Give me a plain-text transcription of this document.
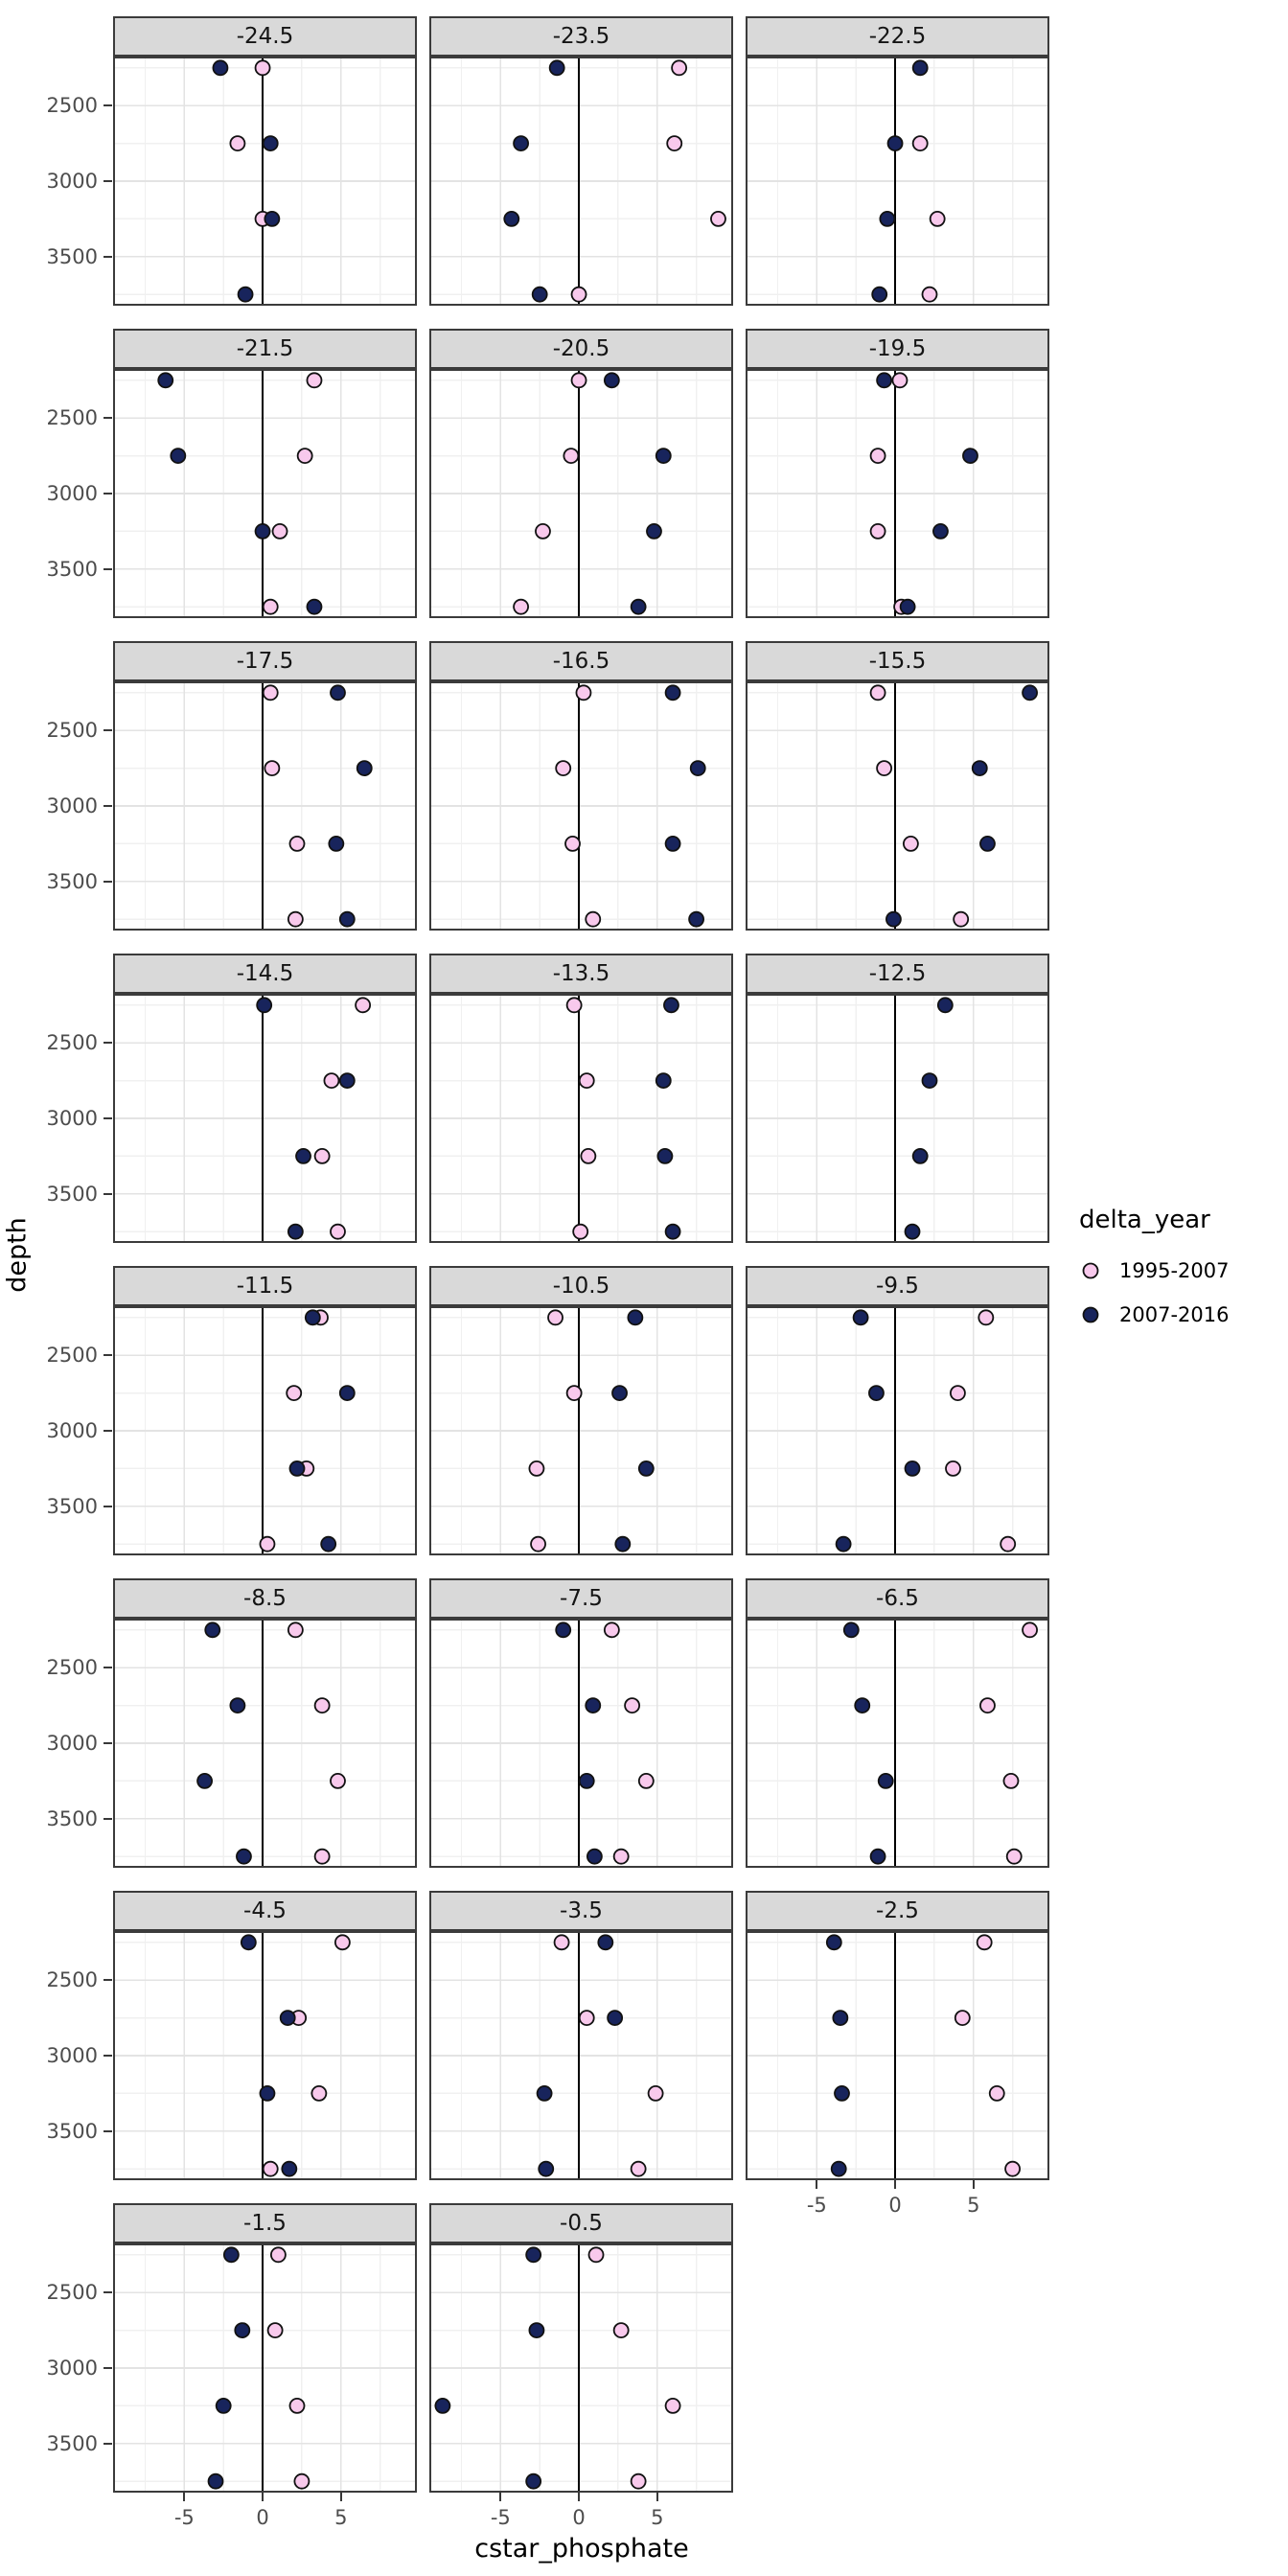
-24.5
2500
3000
3500
-23.5	-22.5
-21.5
2500
3000
3500
-20.5	-19.5
-17.5
2500
3000
3500
-16.5	-15.5
-14.5
2500
3000
3500
-13.5	-12.5
-11.5
2500
3000
3500
-10.5	-9.5
-8.5
2500
3000
3500
-7.5	-6.5
-4.5
2500
3000
3500
-3.5	-2.5
-5	0	5
-1.5
2500
3000
3500
-5	0	5
-0.5
-5	0	5
depth
cstar_phosphate
delta_year
1995-2007
2007-2016
